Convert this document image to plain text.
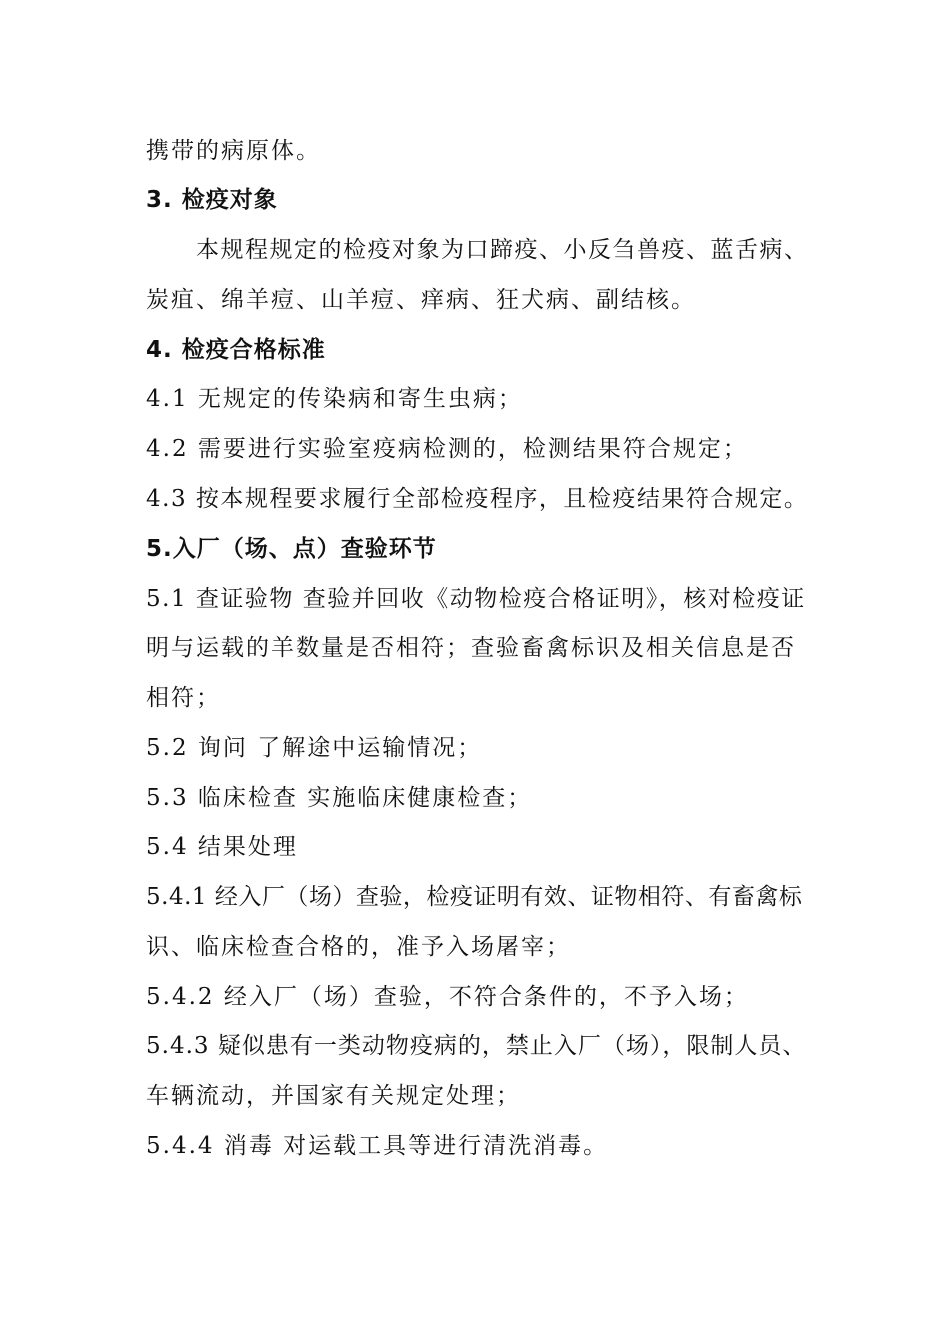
携带的病原体。
3. 检疫对象
本规程规定的检疫对象为口蹄疫、小反刍兽疫、蓝舌病、
炭疽、绵羊痘、山羊痘、痒病、狂犬病、副结核。
4. 检疫合格标准
4.1 无规定的传染病和寄生虫病；
4.2 需要进行实验室疫病检测的，检测结果符合规定；
4.3 按本规程要求履行全部检疫程序，且检疫结果符合规定。
5.入厂（场、点）查验环节
5.1 查证验物 查验并回收《动物检疫合格证明》，核对检疫证
明与运载的羊数量是否相符；查验畜禽标识及相关信息是否
相符；
5.2 询问 了解途中运输情况；
5.3 临床检查 实施临床健康检查；
5.4 结果处理
5.4.1 经入厂（场）查验，检疫证明有效、证物相符、有畜禽标
识、临床检查合格的，准予入场屠宰；
5.4.2 经入厂（场）查验，不符合条件的，不予入场；
5.4.3 疑似患有一类动物疫病的，禁止入厂（场），限制人员、
车辆流动，并国家有关规定处理；
5.4.4 消毒 对运载工具等进行清洗消毒。
